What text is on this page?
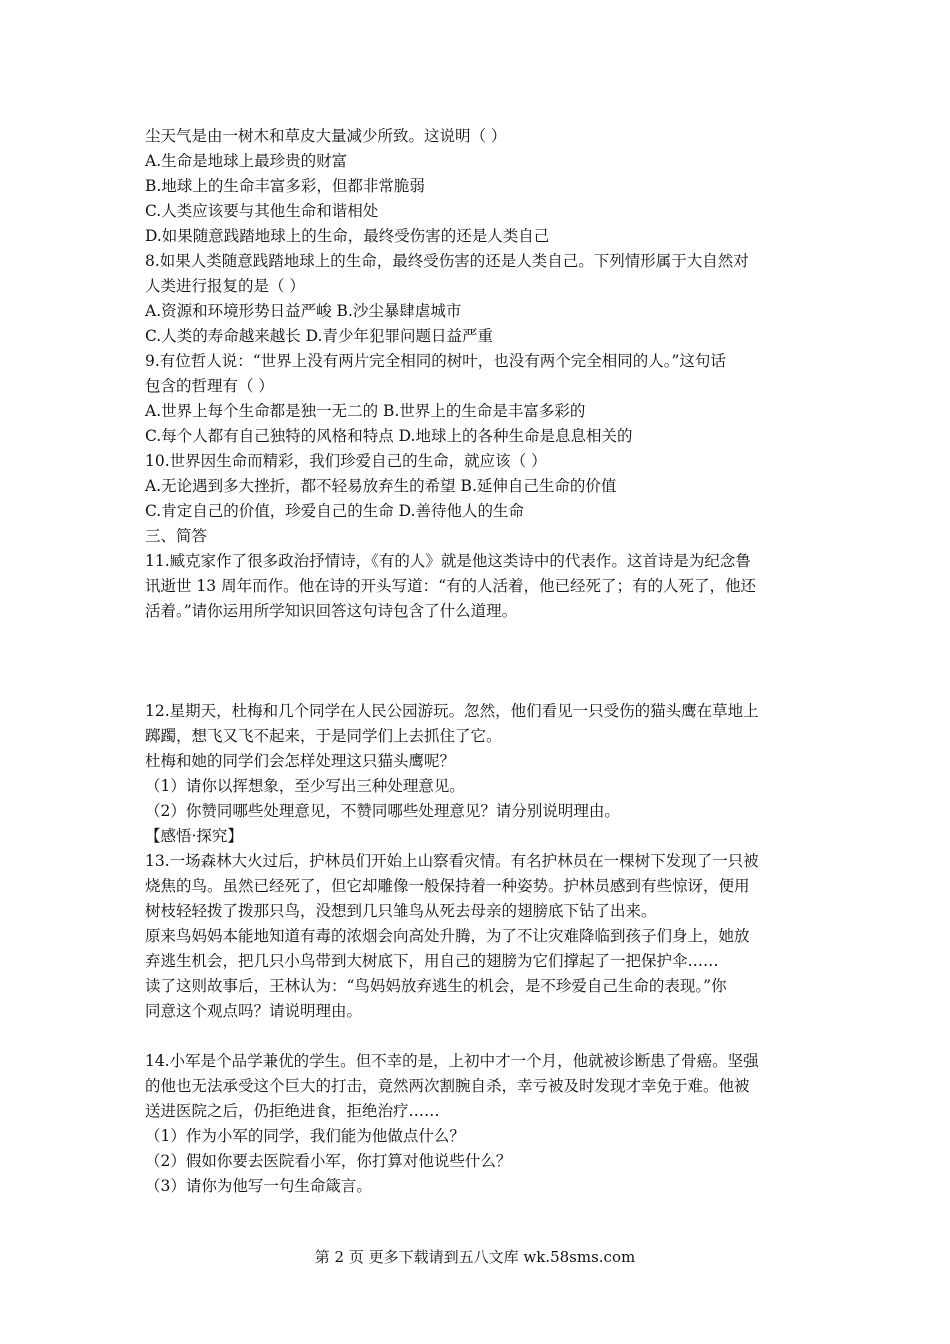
尘天气是由一树木和草皮大量减少所致。这说明（ ）
A.生命是地球上最珍贵的财富
B.地球上的生命丰富多彩，但都非常脆弱
C.人类应该要与其他生命和谐相处
D.如果随意践踏地球上的生命，最终受伤害的还是人类自己
8.如果人类随意践踏地球上的生命，最终受伤害的还是人类自己。下列情形属于大自然对
人类进行报复的是（ ）
A.资源和环境形势日益严峻 B.沙尘暴肆虐城市
C.人类的寿命越来越长 D.青少年犯罪问题日益严重
9.有位哲人说：“世界上没有两片完全相同的树叶，也没有两个完全相同的人。”这句话
包含的哲理有（ ）
A.世界上每个生命都是独一无二的 B.世界上的生命是丰富多彩的
C.每个人都有自己独特的风格和特点 D.地球上的各种生命是息息相关的
10.世界因生命而精彩，我们珍爱自己的生命，就应该（ ）
A.无论遇到多大挫折，都不轻易放弃生的希望 B.延伸自己生命的价值
C.肯定自己的价值，珍爱自己的生命 D.善待他人的生命
三、简答
11.臧克家作了很多政治抒情诗，《有的人》就是他这类诗中的代表作。这首诗是为纪念鲁
讯逝世 13 周年而作。他在诗的开头写道：“有的人活着，他已经死了；有的人死了，他还
活着。”请你运用所学知识回答这句诗包含了什么道理。
12.星期天，杜梅和几个同学在人民公园游玩。忽然，他们看见一只受伤的猫头鹰在草地上
踯躅，想飞又飞不起来，于是同学们上去抓住了它。
杜梅和她的同学们会怎样处理这只猫头鹰呢？
（1）请你以挥想象，至少写出三种处理意见。
（2）你赞同哪些处理意见，不赞同哪些处理意见？请分别说明理由。
【感悟·探究】
13.一场森林大火过后，护林员们开始上山察看灾情。有名护林员在一棵树下发现了一只被
烧焦的鸟。虽然已经死了，但它却雕像一般保持着一种姿势。护林员感到有些惊讶，便用
树枝轻轻拨了拨那只鸟，没想到几只雏鸟从死去母亲的翅膀底下钻了出来。
原来鸟妈妈本能地知道有毒的浓烟会向高处升腾，为了不让灾难降临到孩子们身上，她放
弃逃生机会，把几只小鸟带到大树底下，用自己的翅膀为它们撑起了一把保护伞……
读了这则故事后，王林认为：“鸟妈妈放弃逃生的机会，是不珍爱自己生命的表现。”你
同意这个观点吗？请说明理由。
14.小军是个品学兼优的学生。但不幸的是，上初中才一个月，他就被诊断患了骨癌。坚强
的他也无法承受这个巨大的打击，竟然两次割腕自杀，幸亏被及时发现才幸免于难。他被
送进医院之后，仍拒绝进食，拒绝治疗……
（1）作为小军的同学，我们能为他做点什么？
（2）假如你要去医院看小军，你打算对他说些什么？
（3）请你为他写一句生命箴言。
第 2 页 更多下载请到五八文库 wk.58sms.com
